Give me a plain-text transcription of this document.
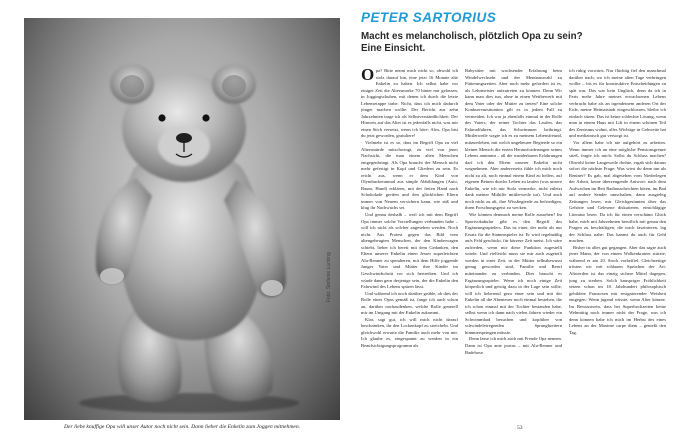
Foto: Stefanie Lucking
Der liebe knuffige Opa will unser Autor noch nicht sein. Dann lieber die Enkelin zum Joggen mitnehmen.
PETER SARTORIUS
Macht es melancholisch, plötzlich Opa zu sein?
Eine Einsicht.

Opa? Bitte nennt mich nicht so, obwohl ich stolz darauf bin, eine jetzt 16 Monate alte Enkelin zu haben. Ich selbst habe vor einiger Zeit die Altersmarke 70 hinter mir gelassen, in Joggingschuhen, mit denen ich durch die letzte Lebensetappe trabe. Nicht, dass ich mich dadurch jünger machen wollte. Der Bericht aus zehn Jahrzehnten trage ich als Selbstverständlichkeit. Der Hinweis auf das Alter ist es jedenfalls nicht, was mir einen Stich versetzt, wenn ich höre: Alex, Opa bist du jetzt geworden, gratuliere!

Vielmehr ist es so, dass im Begriff Opa zu viel Altersmürde mitschwingt, zu viel von jener Nachsicht, die man einem alten Menschen entgegenbringt. Als Opa braucht der Mensch nicht mehr gefestigt in Kopf und Gliedern zu sein. Es reicht aus, wenn er dem Kind von Olymbuckeranmal aus simple Abbildungen (Auto, Baum, Hund) erklären, mit der freien Hand nach Schokolade greifen und den glücklichen Eltern immer von Neuem versichern kann, wie süß und klug ihr Nachwuchs sei.

Und genau deshalb – weil ich mit dem Begriff Opa immer solche Vorstellungen verbunden habe – will ich nicht als solcher angesehen werden. Noch nicht. Aus Protest gegen das Bild vom altengebeugten Menschen, der den Kinderwagen schiebt, lieber ich bereit mit dem Gedanken, den Eltern unserer Enkelin einen Jesser superleichten Alu-Renner zu spendieren, mit dem Hilfe joggende Junger Vater und Mütter ihre Kinder im Geschwindschritt vor sich hertreiben. Und ich würde dann gern derjenige sein, der die Enkelin den Fahrwind des Lebens spüren lässt.

Und während ich noch darüber grüble, ob dies der Rolle eines Opas gemäß ist, fange ich auch schon an, darüber nachzudenken, welche Rolle generell mir im Umgang mit der Enkelin zukommt.

Klar, sagt gut, ich will mich nicht darauf beschränken, ihr den Lockenkopf zu streicheln. Und gleichwohl erwarte die Familie auch mehr von mir. Ich glaube es, eingespannt zu werden in ein Beaufsichtigungsprogramm als

Babysitter mit wachsender Erfahrung beim Windelwechseln und der Menüauswahl zu Fütterungszeiten. Aber noch mehr gefordert ist es, als Lehrmeister aufzutreten zu können. Denn Wir kann man dies tun, ohne in einen Wettbewerb mit dem Vater oder der Mutter zu treten? Eine solche Konkurrenzsituation gilt es in jedem Fall zu vermeiden. Ich war ja ebenfalls einmal in der Rolle des Vaters, der seiner Tochter das Laufen, das Fahrradfahren, das Schwimmen beibringt. Mittlerweile wagte ich es zu meinem Lebensfreund, mitzuerleben, mit welch ungeheurer Begierde so ein kleiner Mensch die ersten Herausforderungen seines Lebens annimmt – all die wunderbaren Erfahrungen darf ich den Eltern unserer Enkelin nicht wegnehmen. Aber andererseits fühle ich mich noch nicht zu alt, noch einmal einem Kind zu helfen, auf eigenen Beinen durchs Leben zu laufen (was unsere Enkelin, wie ich mir Stolz vermerke, nicht zuletzt dank meiner Mithilfe mittlerweile tut). Und auch noch nicht zu alt, ihre Wissbegierde zu befriedigen, ihren Forschungsgeist zu wecken.

Wie können demnach meine Rolle aussehen? Im Sportvokabular gibt es den Begriff des Ergänzungsspielers. Das ist einer, der mehr als nur Ersatz für die Stammspieler ist. Er wird regelmäßig aufs Feld geschickt, für kürzere Zeit meist. Ich wäre zufrieden, wenn mir diese Funktion zugestellt würde. Und vielleicht muss sie mir auch zugeteilt werden in einer Zeit, in der Mütter selbstbewusst genug geworden sind, Familie und Beruf miteinander zu verbinden. Dies braucht es Ergänzungsspieler. Wenn ich noch einige Zeit körperlich und geistig dazu in der Lage sein sollte, will ich lieberend gern einer sein und mit der Enkelin all die Abenteuer noch einmal bestehen, die ich schon einmal mit der Tochter bestanden habe, selbst wenn ich dann nach vielen Jahren wieder ein Schwimmbad besuchen und kopfüber von schwindelerregenden Sprungbrettern hinunterspringen müsste.

Denn lasse ich mich auch mit Freude Opa nennen. Dann ist Opa ante portas – mit Alu-Renner und Badehose.

ich ruhig vorwärts. Nur flüchtig fiel den manchmal darüber nach, wo ich meine alten Tage verbringen wollte – bis es für konstruktive Entscheidungen zu spät war. Das war kein Unglück, denn da ich in Paris mehr Jahre meines erwachsenen Lebens verbracht habe als an irgendeinem anderen Ort der Erde, meine Heimatstadt eingeschlossen, bleibe ich einfach sitzen. Das ist keine schlechte Lösung, wenn man in einem Haus mit Lift in einem schönen Teil des Zentrums wohnt, alles Wichtige in Gehweite hat und medizinisch gut versorgt ist.

Vor allem habe ich nie aufgehört zu arbeiten. Wenn immer ich an eine mögliche Pensionsgrenze stieß, fragte ich mich: Sollst du Schluss machen? Obwohl keine Langeweile drohte, ergab sich daraus sofort die nächste Frage: Was wirst du denn tun als Rentner? Es gab, mal abgesehen vom Niederlegen der Arbeit, keine überzeugende Antwort: nach dem Aufwachen im Bett Radionachrichten hören, im Bad auf andere Sender umschalten, dann ausgiebig Zeitungen lesen, mir Gleichgesinnten über das Gehörte und Gelesene diskutieren, einschlägige Literatur lesen. Da ich für einen verschämt Glück habe, mich mit Jahrzehnten beruflich mit genau den Fragen zu beschäftigen, die mich faszinieren, lag der Schluss nahe: Das kannst du auch für Geld machen.

Bisher ist alles gut gegangen. Aber das sagte auch jener Mann, der von einem Wolkenkratzer stürzte, während er am 20. Stock vorbeifiel. Gleichzeitige trösten wir mit schlauen Sprüchen der Art: Altwerden ist das einzig sichere Mittel dagegen, jung zu sterben. Solch knuspriger Fröhlichkeit setzen schon im 18. Jahrhundert philosophisch gebildete Franzosen mit resignierender Weisheit entgegen: Wenn jugend wüsste, wenn Alter könnte. Im Bewusstsein, dass bei Superhochzeiten keine Wehmütig noch immer nicht der Frage, was ich denn können habe ich mich im Herbst des eines Lebens an der Maxime carpe diem – genießt den Tag.

53
